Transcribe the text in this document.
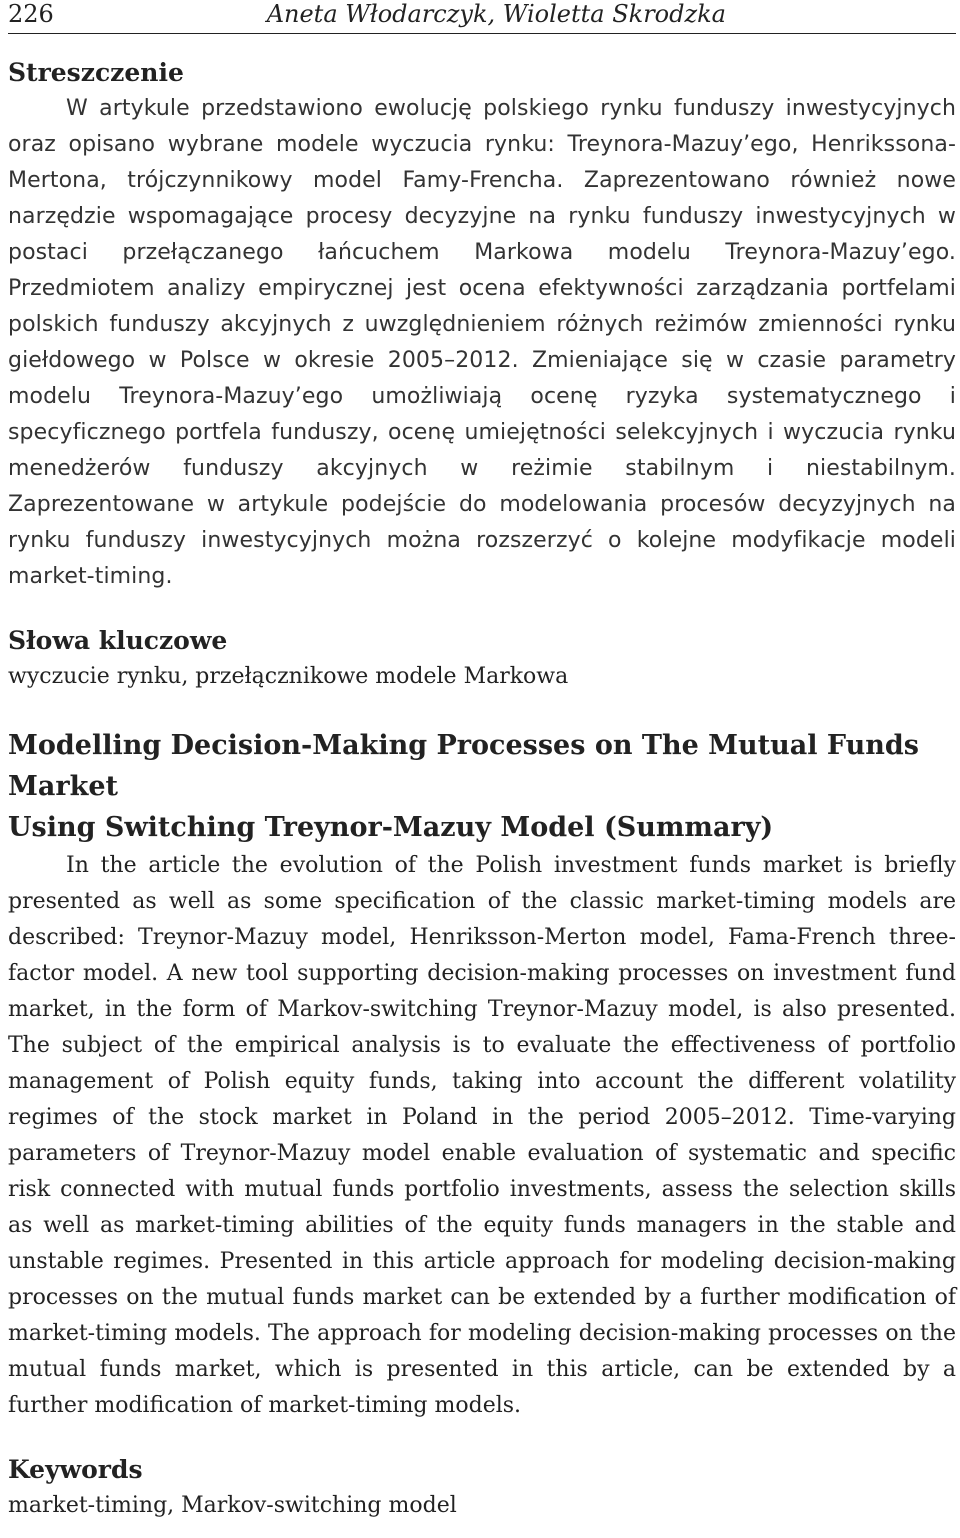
226	Aneta Włodarczyk, Wioletta Skrodzka
Streszczenie

W artykule przedstawiono ewolucję polskiego rynku funduszy inwestycyjnych oraz opisano wybrane modele wyczucia rynku: Treynora-Mazuy’ego, Henrikssona-Mertona, trójczynnikowy model Famy-Frencha. Zaprezentowano również nowe narzędzie wspomagające procesy decyzyjne na rynku funduszy inwestycyjnych w postaci przełączanego łańcuchem Markowa modelu Treynora-Mazuy’ego. Przedmiotem analizy empirycznej jest ocena efektywności zarządzania portfelami polskich funduszy akcyjnych z uwzględnieniem różnych reżimów zmienności rynku giełdowego w Polsce w okresie 2005–2012. Zmieniające się w czasie parametry modelu Treynora-Mazuy’ego umożliwiają ocenę ryzyka systematycznego i specyficznego portfela funduszy, ocenę umiejętności selekcyjnych i wyczucia rynku menedżerów funduszy akcyjnych w reżimie stabilnym i niestabilnym. Zaprezentowane w artykule podejście do modelowania procesów decyzyjnych na rynku funduszy inwestycyjnych można rozszerzyć o kolejne modyfikacje modeli market-timing.

Słowa kluczowe
wyczucie rynku, przełącznikowe modele Markowa
Modelling Decision-Making Processes on The Mutual Funds Market
Using Switching Treynor-Mazuy Model (Summary)

In the article the evolution of the Polish investment funds market is briefly presented as well as some specification of the classic market-timing models are described: Treynor-Mazuy model, Henriksson-Merton model, Fama-French three-factor model. A new tool supporting decision-making processes on investment fund market, in the form of Markov-switching Treynor-Mazuy model, is also presented. The subject of the empirical analysis is to evaluate the effectiveness of portfolio management of Polish equity funds, taking into account the different volatility regimes of the stock market in Poland in the period 2005–2012. Time-varying parameters of Treynor-Mazuy model enable evaluation of systematic and specific risk connected with mutual funds portfolio investments, assess the selection skills as well as market-timing abilities of the equity funds managers in the stable and unstable regimes. Presented in this article approach for modeling decision-making processes on the mutual funds market can be extended by a further modification of market-timing models. The approach for modeling decision-making processes on the mutual funds market, which is presented in this article, can be extended by a further modification of market-timing models.

Keywords
market-timing, Markov-switching model
